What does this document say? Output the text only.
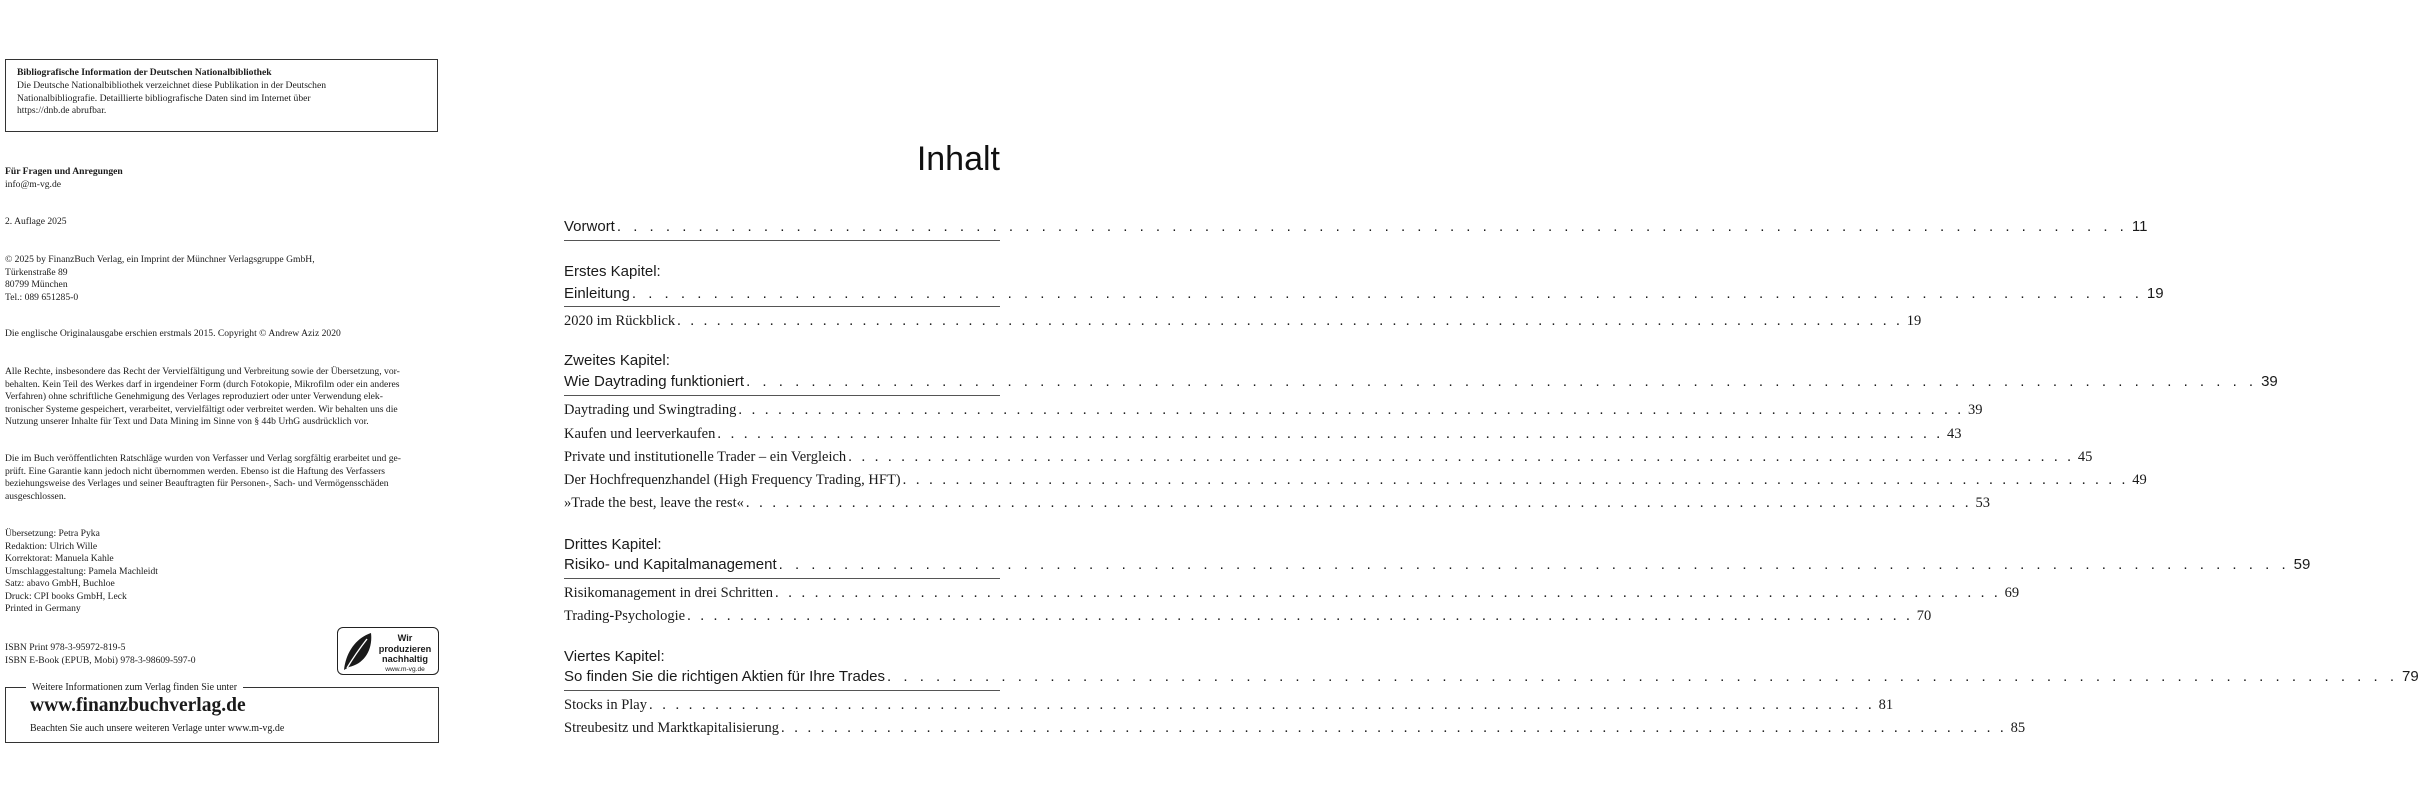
Bibliografische Information der Deutschen Nationalbibliothek
Die Deutsche Nationalbibliothek verzeichnet diese Publikation in der Deutschen
Nationalbibliografie. Detaillierte bibliografische Daten sind im Internet über
https://dnb.de abrufbar.
Für Fragen und Anregungen
info@m-vg.de
2. Auflage 2025
© 2025 by FinanzBuch Verlag, ein Imprint der Münchner Verlagsgruppe GmbH,
Türkenstraße 89
80799 München
Tel.: 089 651285-0
Die englische Originalausgabe erschien erstmals 2015. Copyright © Andrew Aziz 2020
Alle Rechte, insbesondere das Recht der Vervielfältigung und Verbreitung sowie der Übersetzung, vor-
behalten. Kein Teil des Werkes darf in irgendeiner Form (durch Fotokopie, Mikrofilm oder ein anderes
Verfahren) ohne schriftliche Genehmigung des Verlages reproduziert oder unter Verwendung elek-
tronischer Systeme gespeichert, verarbeitet, vervielfältigt oder verbreitet werden. Wir behalten uns die
Nutzung unserer Inhalte für Text und Data Mining im Sinne von § 44b UrhG ausdrücklich vor.
Die im Buch veröffentlichten Ratschläge wurden von Verfasser und Verlag sorgfältig erarbeitet und ge-
prüft. Eine Garantie kann jedoch nicht übernommen werden. Ebenso ist die Haftung des Verfassers
beziehungsweise des Verlages und seiner Beauftragten für Personen-, Sach- und Vermögensschäden
ausgeschlossen.
Übersetzung: Petra Pyka
Redaktion: Ulrich Wille
Korrektorat: Manuela Kahle
Umschlaggestaltung: Pamela Machleidt
Satz: abavo GmbH, Buchloe
Druck: CPI books GmbH, Leck
Printed in Germany
ISBN Print 978-3-95972-819-5
ISBN E-Book (EPUB, Mobi) 978-3-98609-597-0
Wir produzieren
nachhaltig
www.m-vg.de
Weitere Informationen zum Verlag finden Sie unter
www.finanzbuchverlag.de
Beachten Sie auch unsere weiteren Verlage unter www.m-vg.de
Inhalt
Vorwort . . . . . . . . . . . . . . . . . . . . . . . . . . . . . . . . . . . . . . . . . . . . . . . . . . . . . . . . . . . . . . . . . . . . . . . . . . . . . . . . . . . . . . . . . . . . . 11
Erstes Kapitel:
Einleitung . . . . . . . . . . . . . . . . . . . . . . . . . . . . . . . . . . . . . . . . . . . . . . . . . . . . . . . . . . . . . . . . . . . . . . . . . . . . . . . . . . . . . . . . . . . . . 19
2020 im Rückblick . . . . . . . . . . . . . . . . . . . . . . . . . . . . . . . . . . . . . . . . . . . . . . . . . . . . . . . . . . . . . . . . . . . . . . . . . . . . . . . . . . . . . . . . . . . . . 19
Zweites Kapitel:
Wie Daytrading funktioniert . . . . . . . . . . . . . . . . . . . . . . . . . . . . . . . . . . . . . . . . . . . . . . . . . . . . . . . . . . . . . . . . . . . . . . . . . . . . . . . . . . . . . . . . . . . . . 39
Daytrading und Swingtrading . . . . . . . . . . . . . . . . . . . . . . . . . . . . . . . . . . . . . . . . . . . . . . . . . . . . . . . . . . . . . . . . . . . . . . . . . . . . . . . . . . . . . . . . . . . . . 39
Kaufen und leerverkaufen . . . . . . . . . . . . . . . . . . . . . . . . . . . . . . . . . . . . . . . . . . . . . . . . . . . . . . . . . . . . . . . . . . . . . . . . . . . . . . . . . . . . . . . . . . . . . 43
Private und institutionelle Trader – ein Vergleich . . . . . . . . . . . . . . . . . . . . . . . . . . . . . . . . . . . . . . . . . . . . . . . . . . . . . . . . . . . . . . . . . . . . . . . . . . . . . . . . . . . . . . . . . . . . . 45
Der Hochfrequenzhandel (High Frequency Trading, HFT) . . . . . . . . . . . . . . . . . . . . . . . . . . . . . . . . . . . . . . . . . . . . . . . . . . . . . . . . . . . . . . . . . . . . . . . . . . . . . . . . . . . . . . . . . . . . . 49
»Trade the best, leave the rest« . . . . . . . . . . . . . . . . . . . . . . . . . . . . . . . . . . . . . . . . . . . . . . . . . . . . . . . . . . . . . . . . . . . . . . . . . . . . . . . . . . . . . . . . . . . . . 53
Drittes Kapitel:
Risiko- und Kapitalmanagement . . . . . . . . . . . . . . . . . . . . . . . . . . . . . . . . . . . . . . . . . . . . . . . . . . . . . . . . . . . . . . . . . . . . . . . . . . . . . . . . . . . . . . . . . . . . . 59
Risikomanagement in drei Schritten . . . . . . . . . . . . . . . . . . . . . . . . . . . . . . . . . . . . . . . . . . . . . . . . . . . . . . . . . . . . . . . . . . . . . . . . . . . . . . . . . . . . . . . . . . . . . 69
Trading-Psychologie . . . . . . . . . . . . . . . . . . . . . . . . . . . . . . . . . . . . . . . . . . . . . . . . . . . . . . . . . . . . . . . . . . . . . . . . . . . . . . . . . . . . . . . . . . . . . 70
Viertes Kapitel:
So finden Sie die richtigen Aktien für Ihre Trades . . . . . . . . . . . . . . . . . . . . . . . . . . . . . . . . . . . . . . . . . . . . . . . . . . . . . . . . . . . . . . . . . . . . . . . . . . . . . . . . . . . . . . . . . . . . . 79
Stocks in Play . . . . . . . . . . . . . . . . . . . . . . . . . . . . . . . . . . . . . . . . . . . . . . . . . . . . . . . . . . . . . . . . . . . . . . . . . . . . . . . . . . . . . . . . . . . . . 81
Streubesitz und Marktkapitalisierung . . . . . . . . . . . . . . . . . . . . . . . . . . . . . . . . . . . . . . . . . . . . . . . . . . . . . . . . . . . . . . . . . . . . . . . . . . . . . . . . . . . . . . . . . . . . . 85
